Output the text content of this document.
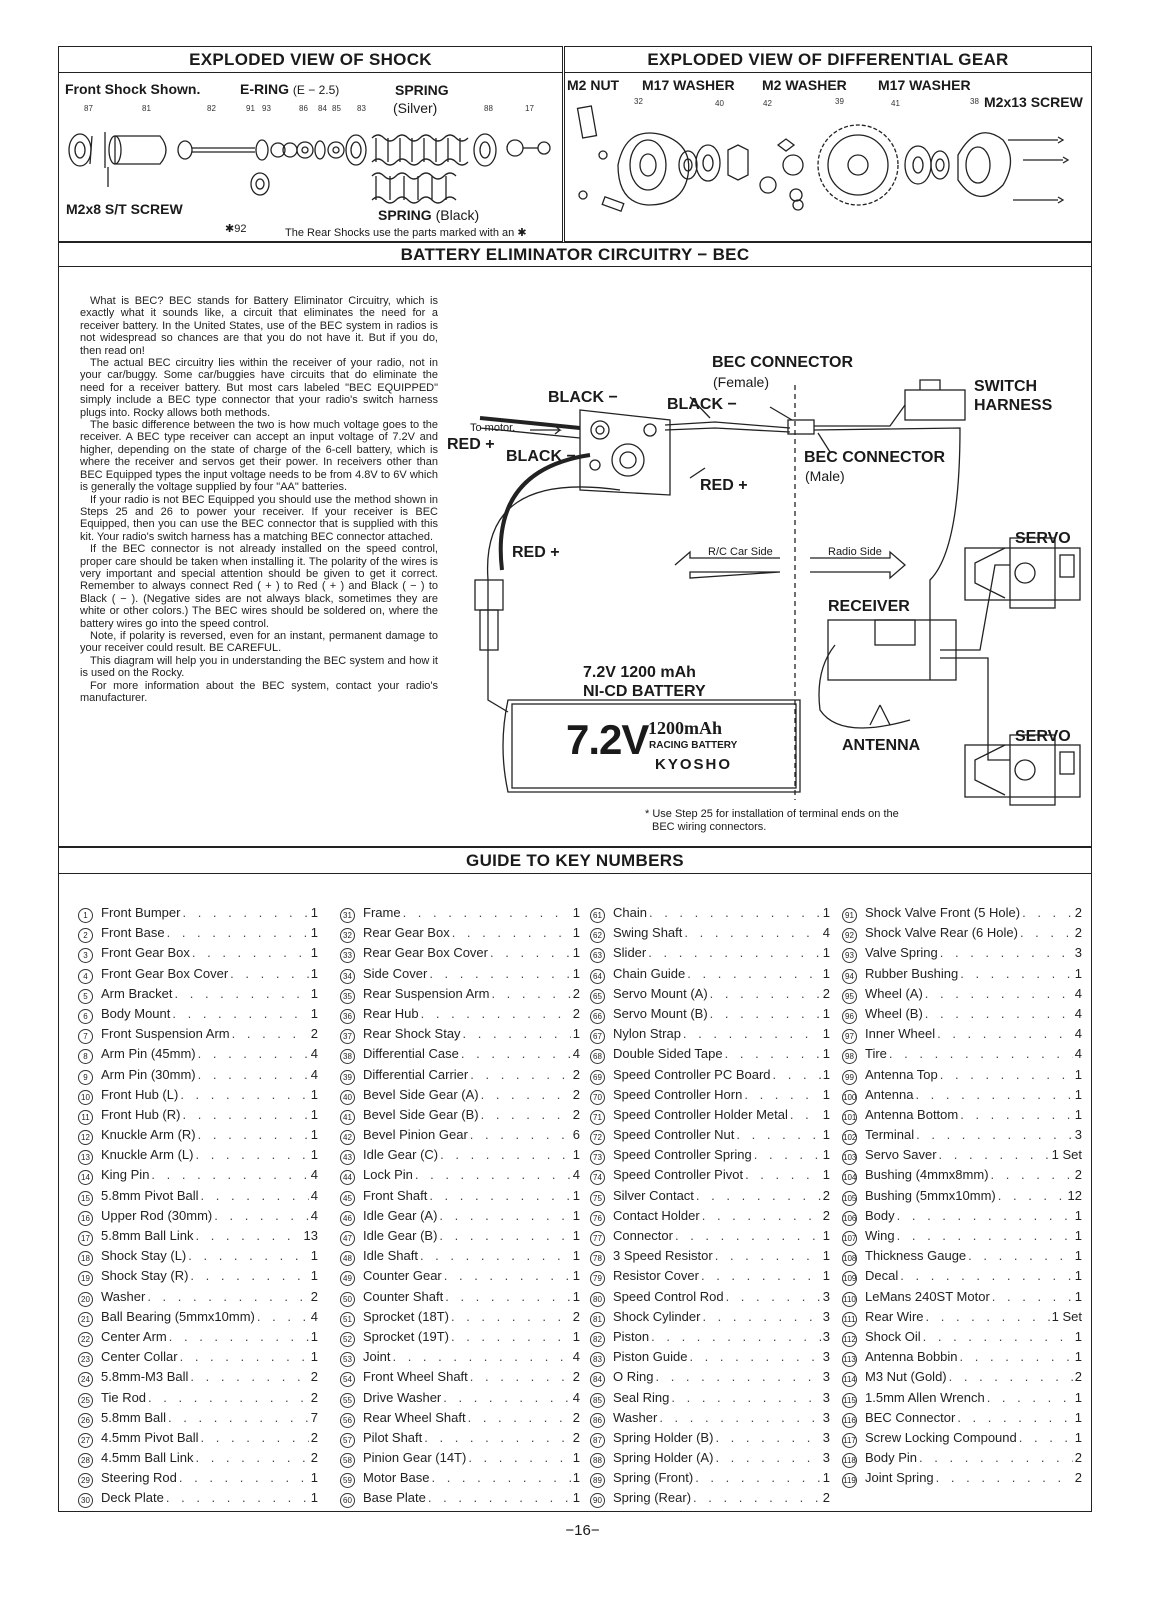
EXPLODED VIEW OF SHOCK
Front Shock Shown.	E-RING (E − 2.5)	SPRING
(Silver)
87	81	82	91 93	86 84 85 83	88	17
M2x8 S/T SCREW	SPRING (Black)
✱92	The Rear Shocks use the parts marked with an ✱
EXPLODED VIEW OF DIFFERENTIAL GEAR
M2 NUT M17 WASHER M2 WASHER M17 WASHER
M2x13 SCREW
32	40	42	39	41	38
BATTERY ELIMINATOR CIRCUITRY − BEC

What is BEC? BEC stands for Battery Eliminator Circuitry, which is exactly what it sounds like, a circuit that eliminates the need for a receiver battery. In the United States, use of the BEC system in radios is not widespread so chances are that you do not have it. But if you do, then read on!

The actual BEC circuitry lies within the receiver of your radio, not in your car/buggy. Some car/buggies have circuits that do eliminate the need for a receiver battery. But most cars labeled "BEC EQUIPPED" simply include a BEC type connector that your radio's switch harness plugs into. Rocky allows both methods.

The basic difference between the two is how much voltage goes to the receiver. A BEC type receiver can accept an input voltage of 7.2V and higher, depending on the state of charge of the 6-cell battery, which is where the receiver and servos get their power. In receivers other than BEC Equipped types the input voltage needs to be from 4.8V to 6V which is generally the voltage supplied by four "AA" batteries.

If your radio is not BEC Equipped you should use the method shown in Steps 25 and 26 to power your receiver. If your receiver is BEC Equipped, then you can use the BEC connector that is supplied with this kit. Your radio's switch harness has a matching BEC connector attached.

If the BEC connector is not already installed on the speed control, proper care should be taken when installing it. The polarity of the wires is very important and special attention should be given to get it correct. Remember to always connect Red ( + ) to Red ( + ) and Black ( − ) to Black ( − ). (Negative sides are not always black, sometimes they are white or other colors.) The BEC wires should be soldered on, where the battery wires go into the speed control.

Note, if polarity is reversed, even for an instant, permanent damage to your receiver could result. BE CAREFUL.

This diagram will help you in understanding the BEC system and how it is used on the Rocky.

For more information about the BEC system, contact your radio's manufacturer.

BEC CONNECTOR
(Female)
BLACK −	BLACK −
To motor.
RED +
BLACK −	BEC CONNECTOR
(Male)
RED +
SWITCH
HARNESS
RED +	R/C Car Side	Radio Side
SERVO
RECEIVER
7.2V 1200 mAh
NI-CD BATTERY
7.2V 1200mAh
RACING BATTERY
KYOSHO
ANTENNA
SERVO
* Use Step 25 for installation of terminal ends on the
BEC wiring connectors.
GUIDE TO KEY NUMBERS
1	Front Bumper . . .	1
2	Front Base . . .	1
3	Front Gear Box . . .	1
4	Front Gear Box Cover . . .	1
5	Arm Bracket . . .	1
6	Body Mount . . .	1
7	Front Suspension Arm . . .	2
8	Arm Pin (45mm) . . .	4
9	Arm Pin (30mm) . . .	4
10 Front Hub (L) . . .	1
11 Front Hub (R) . . .	1
12 Knuckle Arm (R) . . .	1
13 Knuckle Arm (L) . . .	1
14 King Pin . . .	4
15 5.8mm Pivot Ball . . .	4
16 Upper Rod (30mm) . . .	4
17 5.8mm Ball Link . . .	13
18 Shock Stay (L) . . .	1
19 Shock Stay (R) . . .	1
20 Washer . . .	2
21 Ball Bearing (5mmx10mm) . . .	4
22 Center Arm . . .	1
23 Center Collar . . .	1
24 5.8mm-M3 Ball . . .	2
25 Tie Rod . . .	2
26 5.8mm Ball . . .	7
27 4.5mm Pivot Ball . . .	2
28 4.5mm Ball Link . . .	2
29 Steering Rod . . .	1
30 Deck Plate . . .	1
31 Frame . . .	1
32 Rear Gear Box . . .	1
33 Rear Gear Box Cover . . .	1
34 Side Cover . . .	1
35 Rear Suspension Arm . . .	2
36 Rear Hub . . .	2
37 Rear Shock Stay . . .	1
38 Differential Case . . .	4
39 Differential Carrier . . .	2
40 Bevel Side Gear (A) . . .	2
41 Bevel Side Gear (B) . . .	2
42 Bevel Pinion Gear . . .	6
43 Idle Gear (C) . . .	1
44 Lock Pin . . .	4
45 Front Shaft . . .	1
46 Idle Gear (A) . . .	1
47 Idle Gear (B) . . .	1
48 Idle Shaft . . .	1
49 Counter Gear . . .	1
50 Counter Shaft . . .	1
51 Sprocket (18T) . . .	2
52 Sprocket (19T) . . .	1
53 Joint . . .	4
54 Front Wheel Shaft . . .	2
55 Drive Washer . . .	4
56 Rear Wheel Shaft . . .	2
57 Pilot Shaft . . .	2
58 Pinion Gear (14T) . . .	1
59 Motor Base . . .	1
60 Base Plate . . .	1
61 Chain . . .	1
62 Swing Shaft . . .	4
63 Slider . . .	1
64 Chain Guide . . .	1
65 Servo Mount (A) . . .	2
66 Servo Mount (B) . . .	1
67 Nylon Strap . . .	1
68 Double Sided Tape . . .	1
69 Speed Controller PC Board . . .	1
70 Speed Controller Horn . . .	1
71 Speed Controller Holder Metal . . .	1
72 Speed Controller Nut . . .	1
73 Speed Controller Spring . . .	1
74 Speed Controller Pivot . . .	1
75 Silver Contact . . .	2
76 Contact Holder . . .	2
77 Connector . . .	1
78 3 Speed Resistor . . .	1
79 Resistor Cover . . .	1
80 Speed Control Rod . . .	3
81 Shock Cylinder . . .	3
82 Piston . . .	3
83 Piston Guide . . .	3
84 O Ring . . .	3
85 Seal Ring . . .	3
86 Washer . . .	3
87 Spring Holder (B) . . .	3
88 Spring Holder (A) . . .	3
89 Spring (Front) . . .	1
90 Spring (Rear) . . .	2
91 Shock Valve Front (5 Hole) . . .	2
92 Shock Valve Rear (6 Hole) . . .	2
93 Valve Spring . . .	3
94 Rubber Bushing . . .	1
95 Wheel (A) . . .	4
96 Wheel (B) . . .	4
97 Inner Wheel . . .	4
98 Tire . . .	4
99 Antenna Top . . .	1
100 Antenna . . .	1
101 Antenna Bottom . . .	1
102 Terminal . . .	3
103 Servo Saver . . .	1 Set
104 Bushing (4mmx8mm) . . .	2
105 Bushing (5mmx10mm) . . .	12
106 Body . . .	1
107 Wing . . .	1
108 Thickness Gauge . . .	1
109 Decal . . .	1
110 LeMans 240ST Motor . . .	1
111 Rear Wire . . .	1 Set
112 Shock Oil . . .	1
113 Antenna Bobbin . . .	1
114 M3 Nut (Gold) . . .	2
115 1.5mm Allen Wrench . . .	1
116 BEC Connector . . .	1
117 Screw Locking Compound . . .	1
118 Body Pin . . .	2
119 Joint Spring . . .	2
−16−
